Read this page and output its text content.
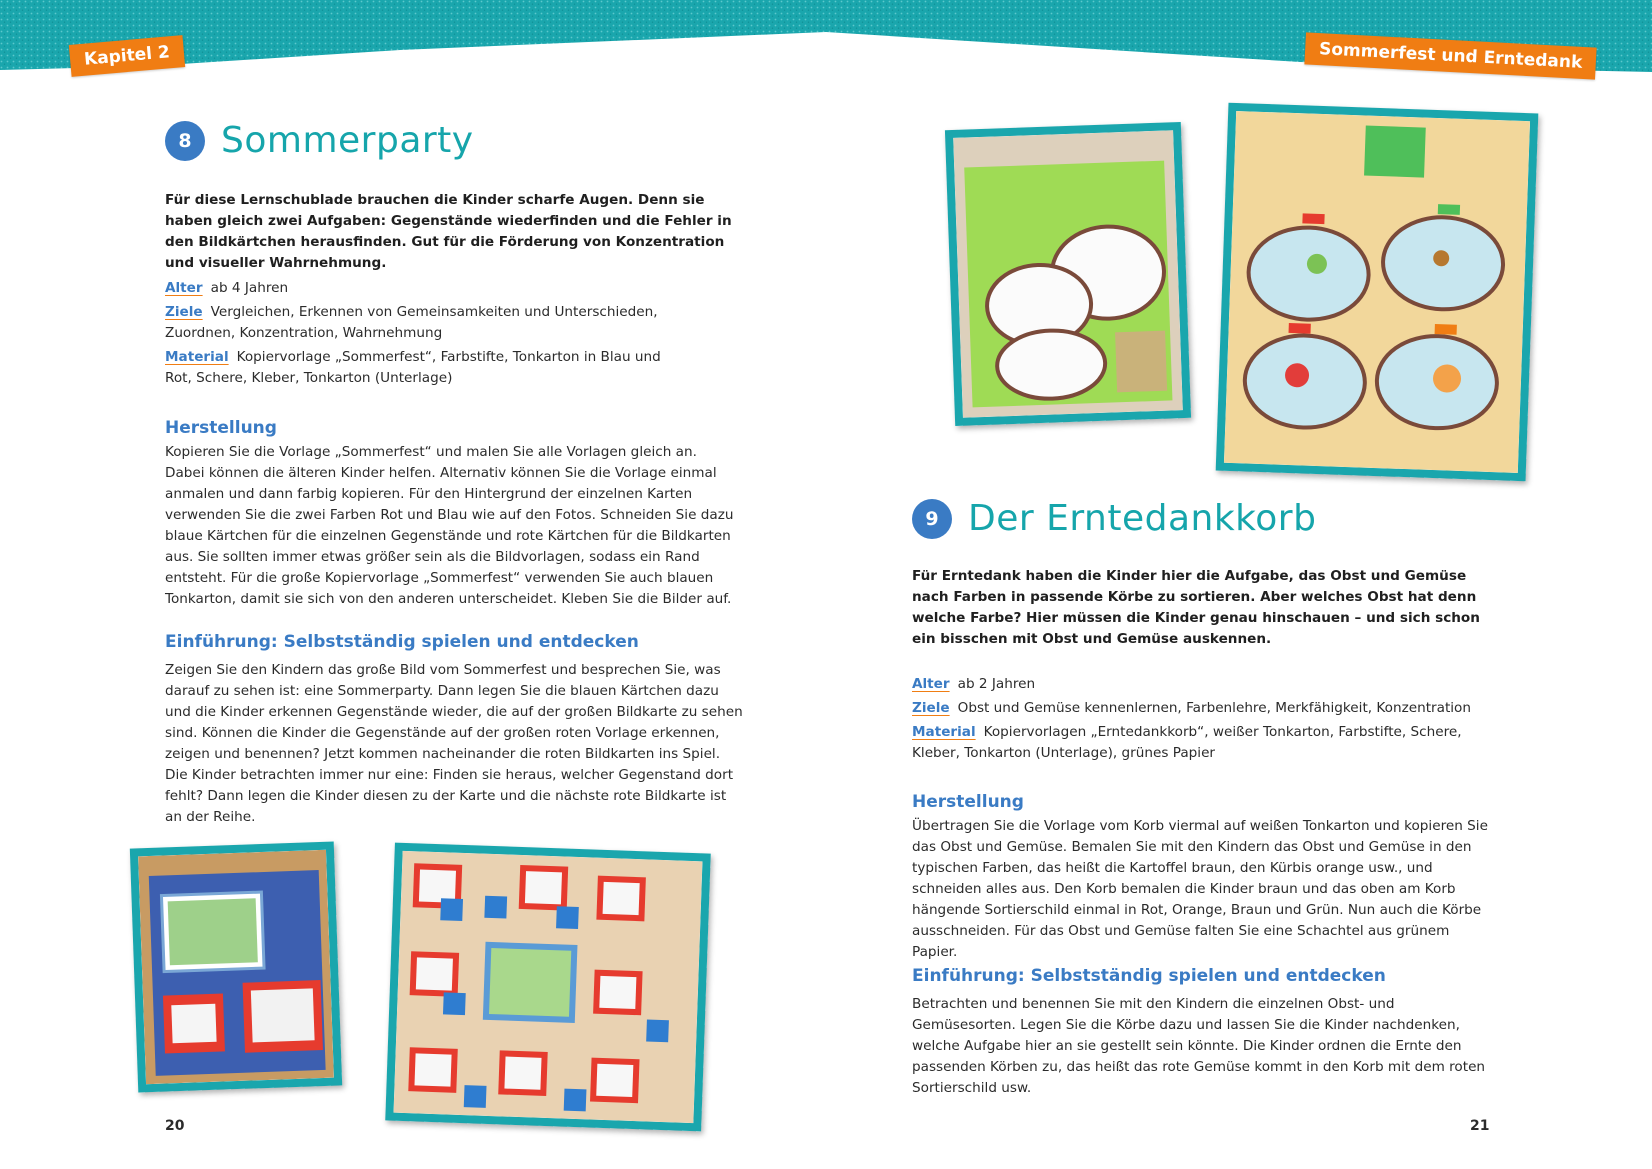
Kapitel 2	Sommerfest und Erntedank
8 Sommerparty
Für diese Lernschublade brauchen die Kinder scharfe Augen. Denn sie haben gleich zwei Aufgaben: Gegenstände wiederfinden und die Fehler in den Bildkärtchen herausfinden. Gut für die Förderung von Konzentration und visueller Wahrnehmung.
Alter ab 4 Jahren
Ziele Vergleichen, Erkennen von Gemeinsamkeiten und Unterschieden, Zuordnen, Konzentration, Wahrnehmung
Material Kopiervorlage „Sommerfest“, Farbstifte, Tonkarton in Blau und Rot, Schere, Kleber, Tonkarton (Unterlage)
Herstellung
Kopieren Sie die Vorlage „Sommerfest“ und malen Sie alle Vorlagen gleich an. Dabei können die älteren Kinder helfen. Alternativ können Sie die Vorlage einmal anmalen und dann farbig kopieren. Für den Hintergrund der einzelnen Karten verwenden Sie die zwei Farben Rot und Blau wie auf den Fotos. Schneiden Sie dazu blaue Kärtchen für die einzelnen Gegenstände und rote Kärtchen für die Bildkarten aus. Sie sollten immer etwas größer sein als die Bildvorlagen, sodass ein Rand entsteht. Für die große Kopiervorlage „Sommerfest“ verwenden Sie auch blauen Tonkarton, damit sie sich von den anderen unterscheidet. Kleben Sie die Bilder auf.
Einführung: Selbstständig spielen und entdecken
Zeigen Sie den Kindern das große Bild vom Sommerfest und besprechen Sie, was darauf zu sehen ist: eine Sommerparty. Dann legen Sie die blauen Kärtchen dazu und die Kinder erkennen Gegenstände wieder, die auf der großen Bildkarte zu sehen sind. Können die Kinder die Gegenstände auf der großen roten Vorlage erkennen, zeigen und benennen? Jetzt kommen nacheinander die roten Bildkarten ins Spiel. Die Kinder betrachten immer nur eine: Finden sie heraus, welcher Gegenstand dort fehlt? Dann legen die Kinder diesen zu der Karte und die nächste rote Bildkarte ist an der Reihe.
20
9 Der Erntedankkorb
Für Erntedank haben die Kinder hier die Aufgabe, das Obst und Gemüse nach Farben in passende Körbe zu sortieren. Aber welches Obst hat denn welche Farbe? Hier müssen die Kinder genau hinschauen – und sich schon ein bisschen mit Obst und Gemüse auskennen.
Alter ab 2 Jahren
Ziele Obst und Gemüse kennenlernen, Farbenlehre, Merkfähigkeit, Konzentration
Material Kopiervorlagen „Erntedankkorb“, weißer Tonkarton, Farbstifte, Schere, Kleber, Tonkarton (Unterlage), grünes Papier
Herstellung
Übertragen Sie die Vorlage vom Korb viermal auf weißen Tonkarton und kopieren Sie das Obst und Gemüse. Bemalen Sie mit den Kindern das Obst und Gemüse in den typischen Farben, das heißt die Kartoffel braun, den Kürbis orange usw., und schneiden alles aus. Den Korb bemalen die Kinder braun und das oben am Korb hängende Sortierschild einmal in Rot, Orange, Braun und Grün. Nun auch die Körbe ausschneiden. Für das Obst und Gemüse falten Sie eine Schachtel aus grünem Papier.
Einführung: Selbstständig spielen und entdecken
Betrachten und benennen Sie mit den Kindern die einzelnen Obst- und Gemüsesorten. Legen Sie die Körbe dazu und lassen Sie die Kinder nachdenken, welche Aufgabe hier an sie gestellt sein könnte. Die Kinder ordnen die Ernte den passenden Körben zu, das heißt das rote Gemüse kommt in den Korb mit dem roten Sortierschild usw.
21
